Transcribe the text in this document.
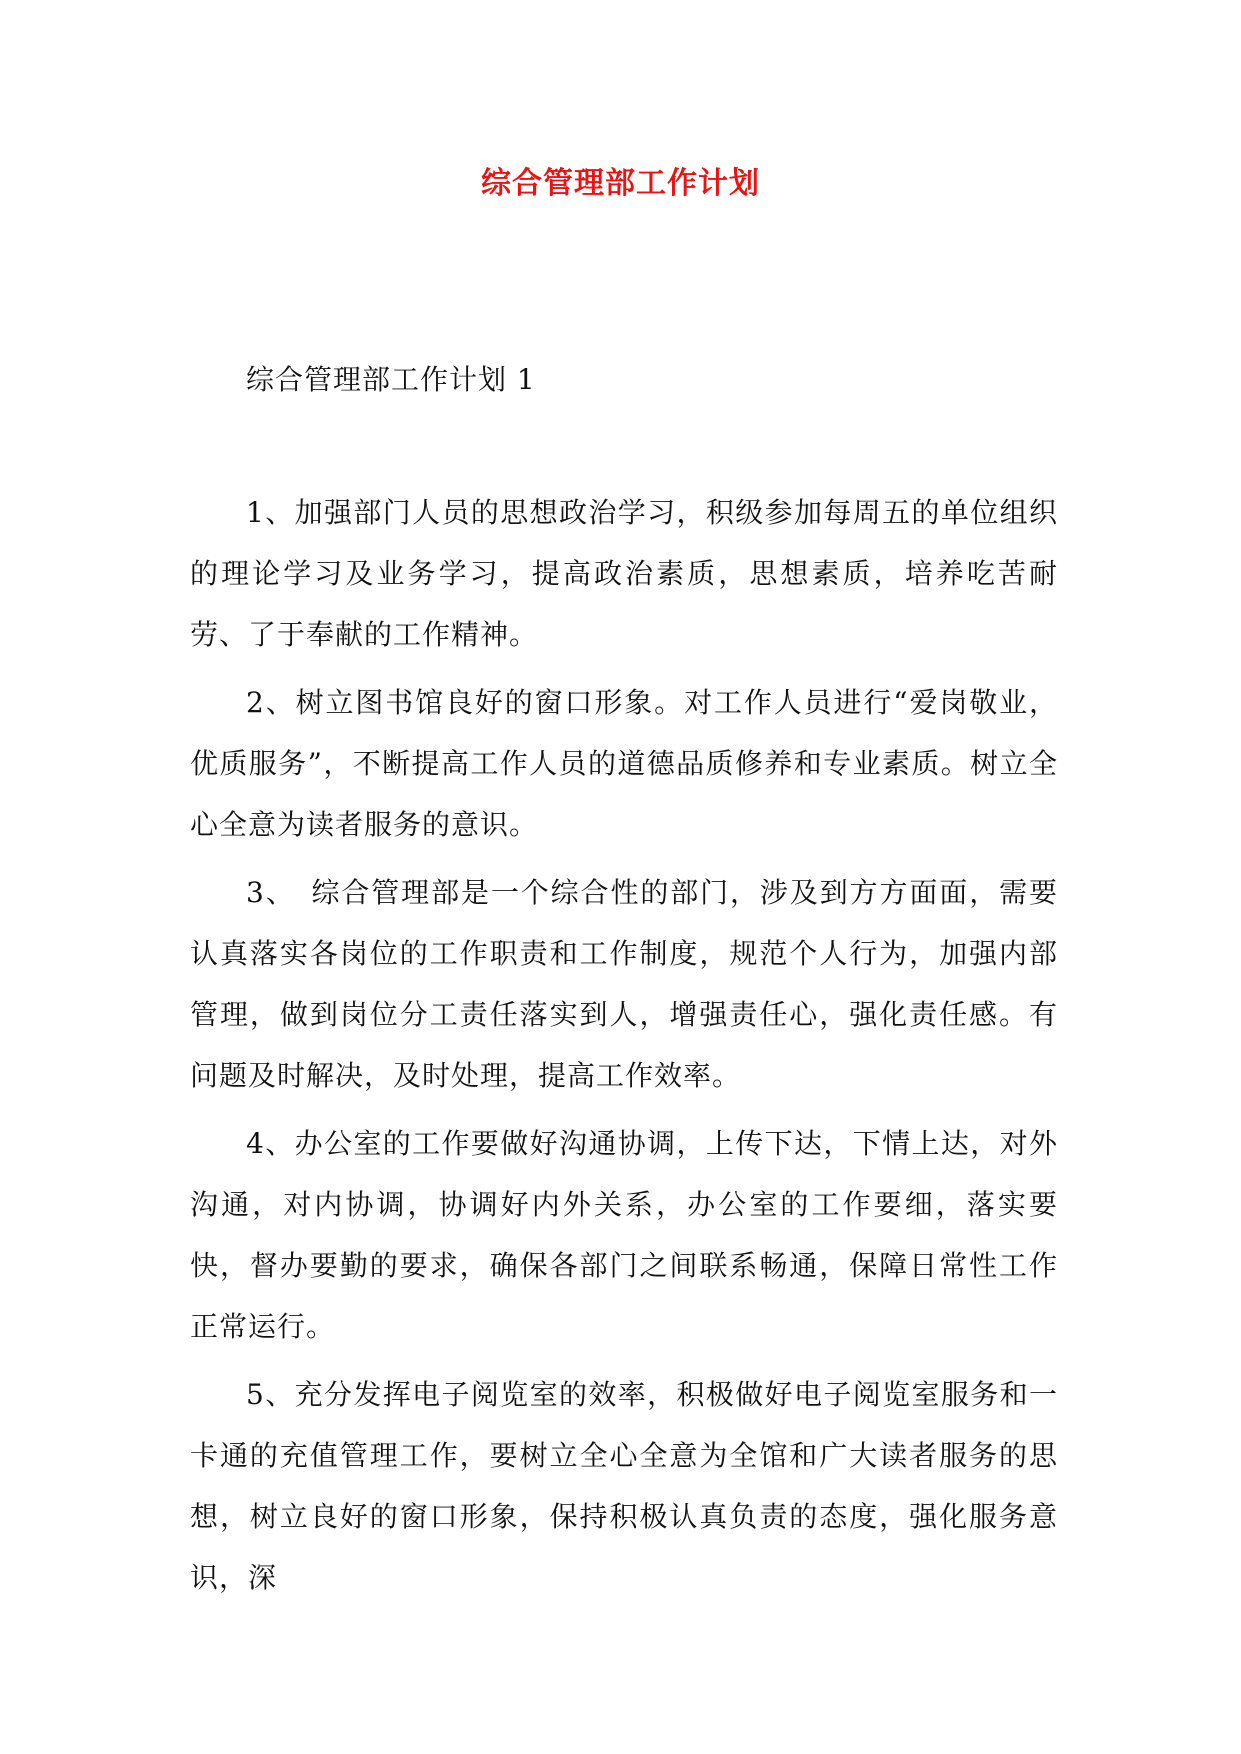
综合管理部工作计划

综合管理部工作计划 1

1、加强部门人员的思想政治学习，积级参加每周五的单位组织的理论学习及业务学习，提高政治素质，思想素质，培养吃苦耐劳、了于奉献的工作精神。

2、树立图书馆良好的窗口形象。对工作人员进行“爱岗敬业，优质服务”，不断提高工作人员的道德品质修养和专业素质。树立全心全意为读者服务的意识。

3、　综合管理部是一个综合性的部门，涉及到方方面面，需要认真落实各岗位的工作职责和工作制度，规范个人行为，加强内部管理，做到岗位分工责任落实到人，增强责任心，强化责任感。有问题及时解决，及时处理，提高工作效率。

4、办公室的工作要做好沟通协调，上传下达，下情上达，对外沟通，对内协调，协调好内外关系，办公室的工作要细，落实要快，督办要勤的要求，确保各部门之间联系畅通，保障日常性工作正常运行。

5、充分发挥电子阅览室的效率，积极做好电子阅览室服务和一卡通的充值管理工作，要树立全心全意为全馆和广大读者服务的思想，树立良好的窗口形象，保持积极认真负责的态度，强化服务意识，深
